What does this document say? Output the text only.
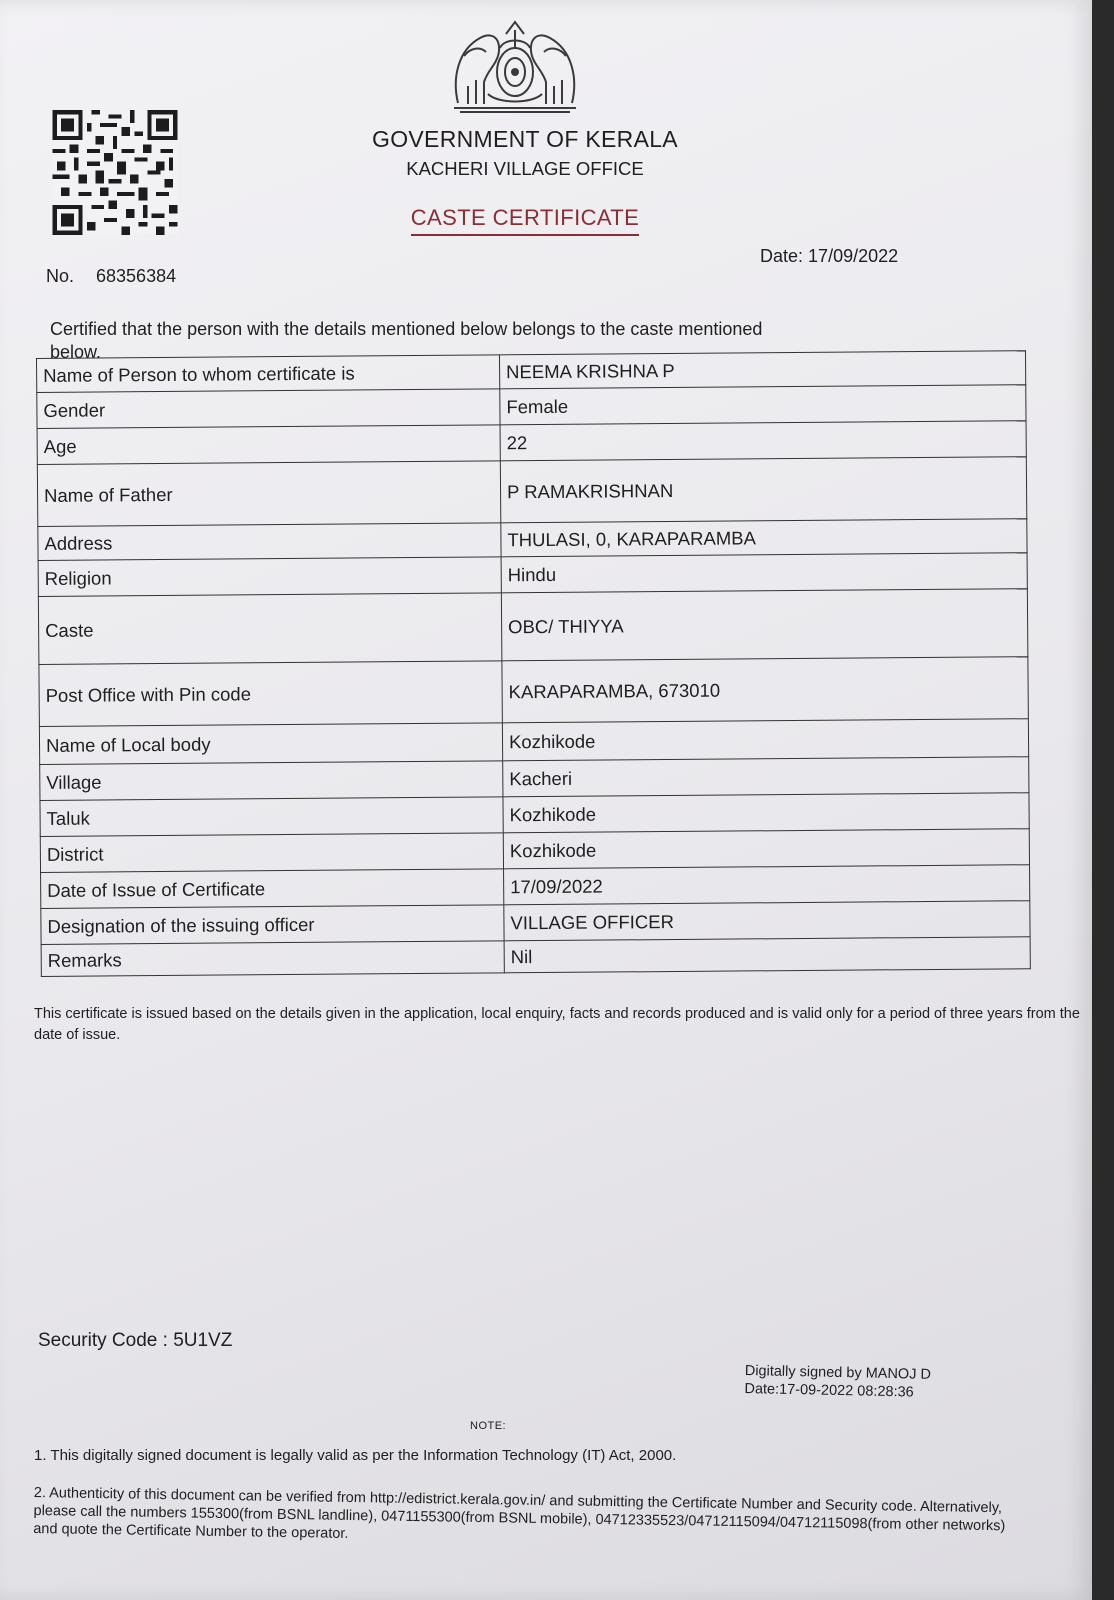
GOVERNMENT OF KERALA
KACHERI VILLAGE OFFICE
CASTE CERTIFICATE
No. 68356384
Date: 17/09/2022
Certified that the person with the details mentioned below belongs to the caste mentioned below.
Name of Person to whom certificate is	NEEMA KRISHNA P
Gender	Female
Age	22
Name of Father	P RAMAKRISHNAN
Address	THULASI, 0, KARAPARAMBA
Religion	Hindu
Caste	OBC/ THIYYA
Post Office with Pin code	KARAPARAMBA, 673010
Name of Local body	Kozhikode
Village	Kacheri
Taluk	Kozhikode
District	Kozhikode
Date of Issue of Certificate	17/09/2022
Designation of the issuing officer	VILLAGE OFFICER
Remarks	Nil
This certificate is issued based on the details given in the application, local enquiry, facts and records produced and is valid only for a period of three years from the date of issue.
Security Code : 5U1VZ
Digitally signed by MANOJ D
Date:17-09-2022 08:28:36
NOTE:
1. This digitally signed document is legally valid as per the Information Technology (IT) Act, 2000.
2. Authenticity of this document can be verified from http://edistrict.kerala.gov.in/ and submitting the Certificate Number and Security code. Alternatively, please call the numbers 155300(from BSNL landline), 0471155300(from BSNL mobile), 04712335523/04712115094/04712115098(from other networks) and quote the Certificate Number to the operator.
